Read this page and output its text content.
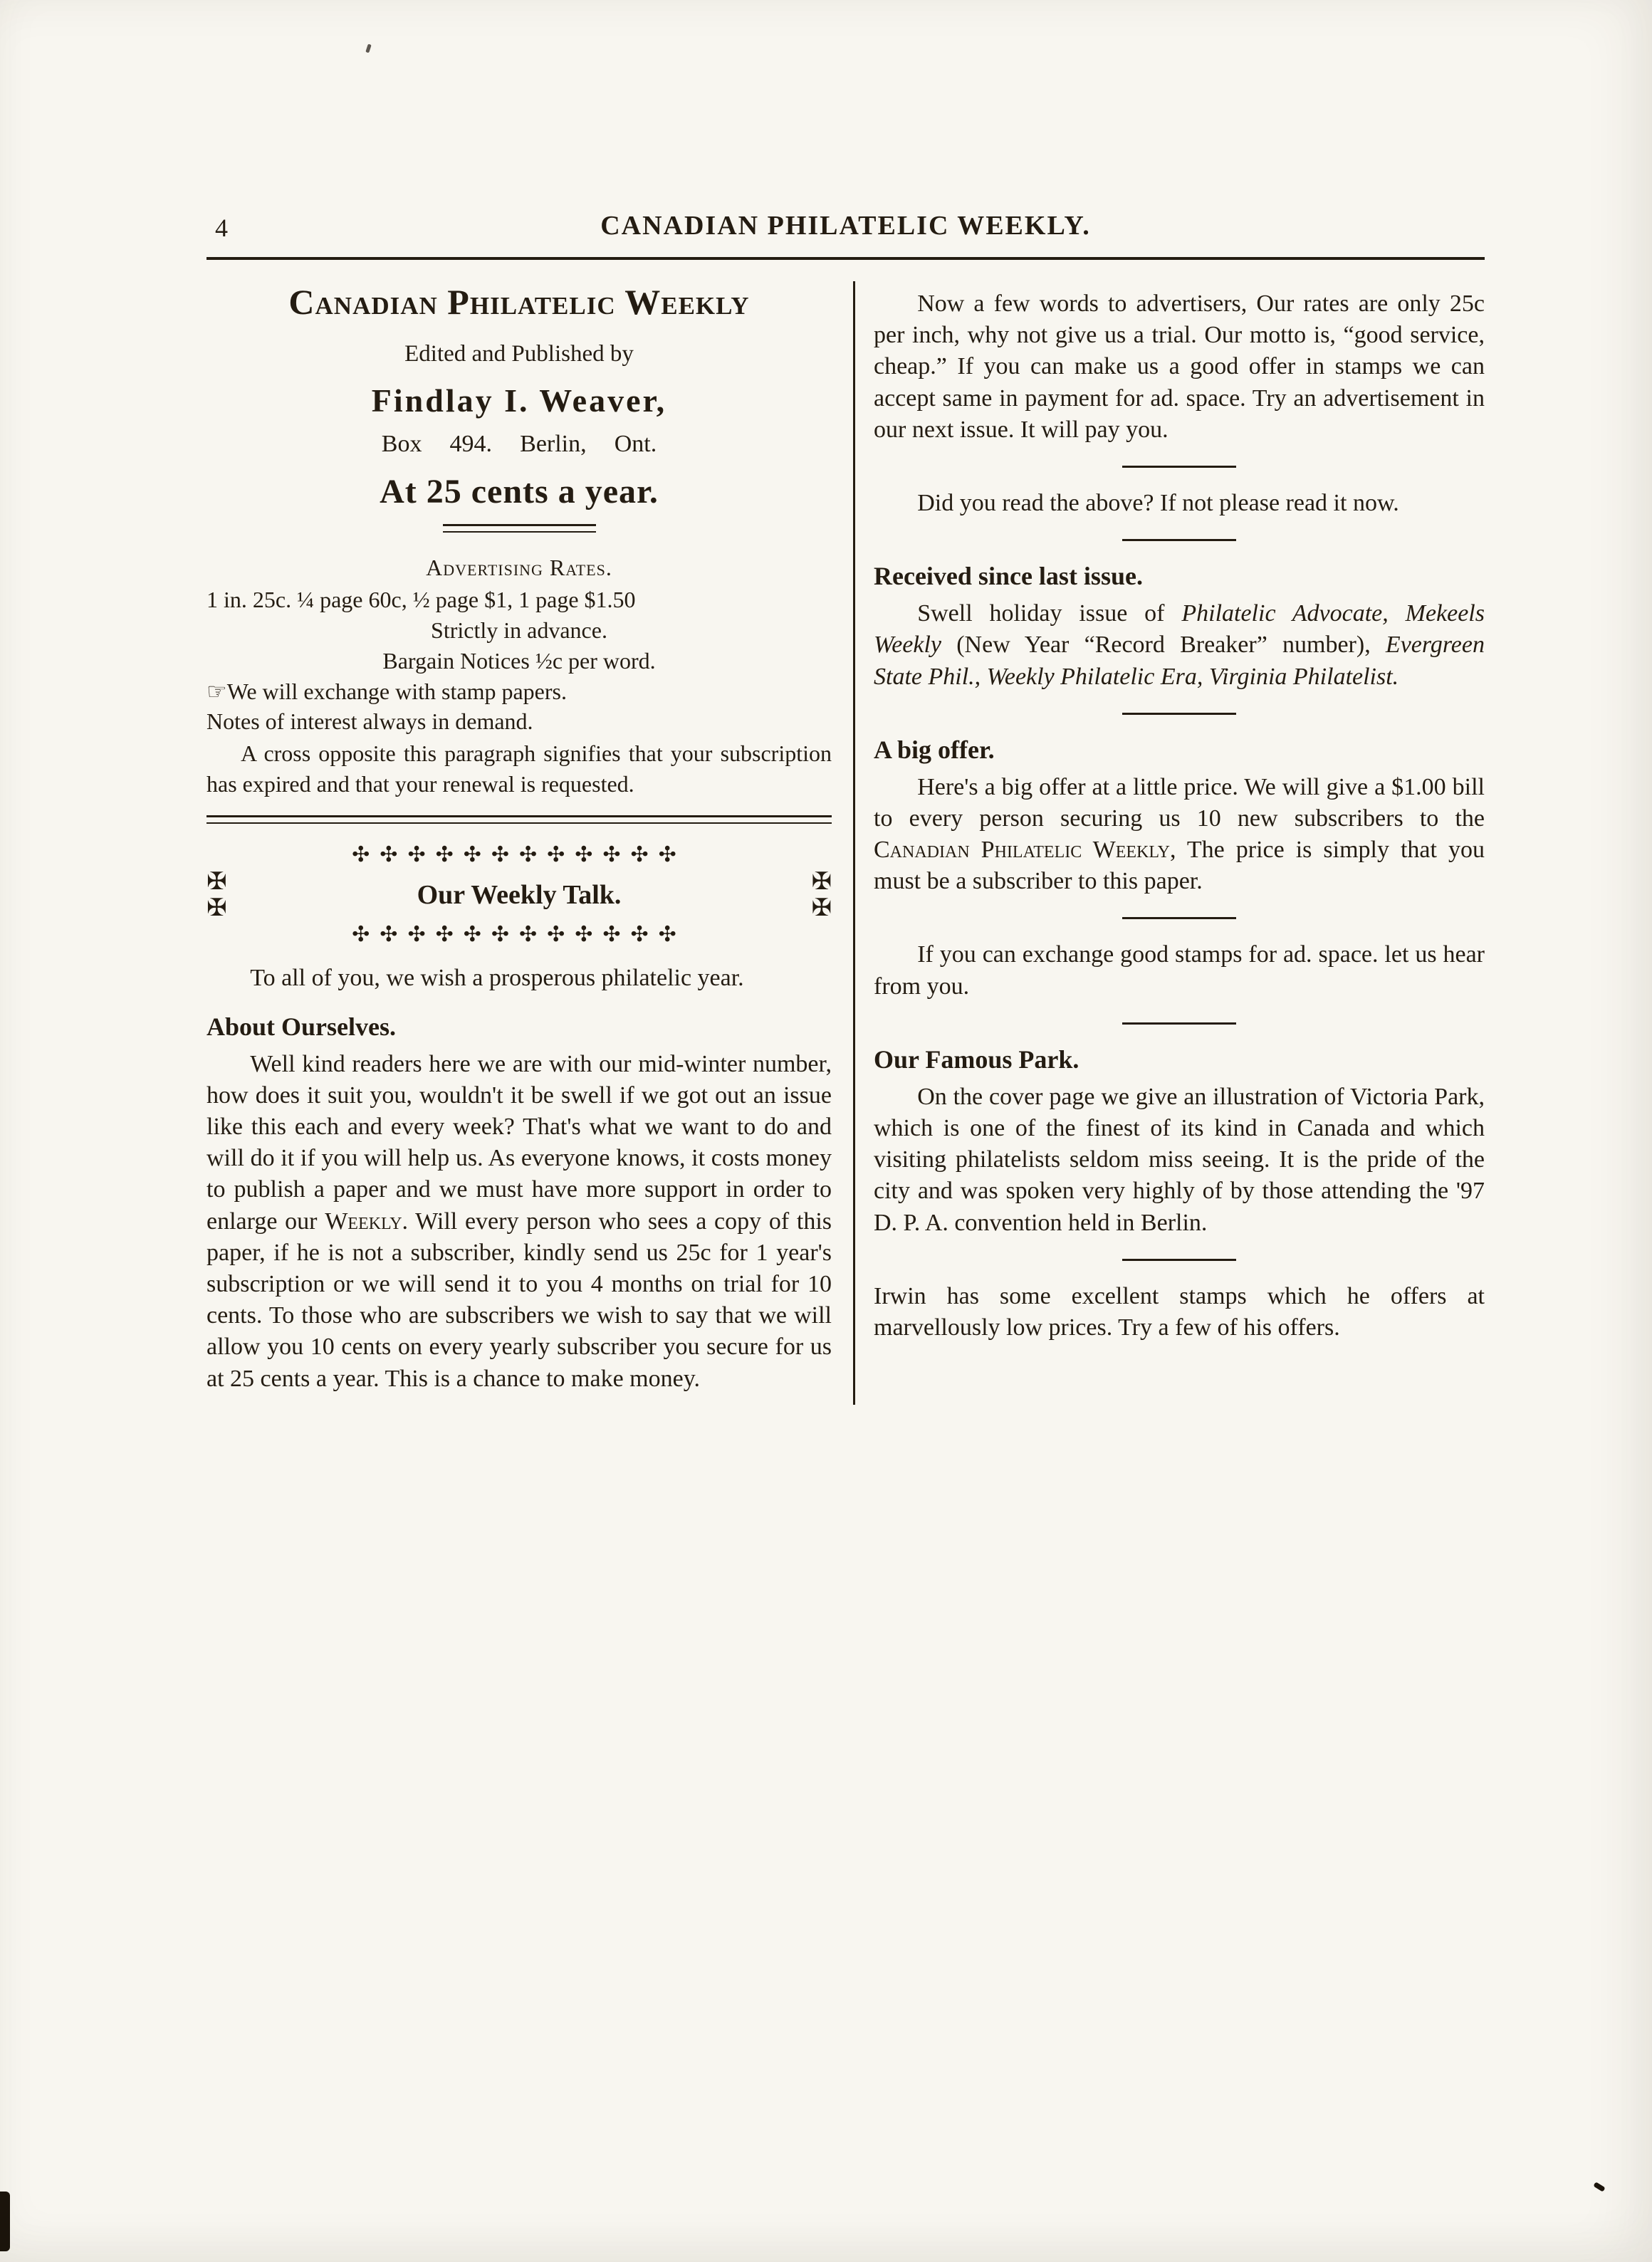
4	CANADIAN PHILATELIC WEEKLY.
Canadian Philatelic Weekly
Edited and Published by
Findlay I. Weaver,
Box 494. Berlin, Ont.
At 25 cents a year.
Advertising Rates.
1 in. 25c. ¼ page 60c, ½ page $1, 1 page $1.50
Strictly in advance.
Bargain Notices ½c per word.
☞We will exchange with stamp papers.
Notes of interest always in demand.

A cross opposite this paragraph signifies that your subscription has expired and that your renewal is requested.

✣✣✣✣✣✣✣✣✣✣✣✣
✠
✠	Our Weekly Talk.	✠
✠
✣✣✣✣✣✣✣✣✣✣✣✣

To all of you, we wish a prosperous philatelic year.

About Ourselves.

Well kind readers here we are with our mid-winter number, how does it suit you, wouldn't it be swell if we got out an issue like this each and every week? That's what we want to do and will do it if you will help us. As everyone knows, it costs money to publish a paper and we must have more support in order to enlarge our Weekly. Will every person who sees a copy of this paper, if he is not a subscriber, kindly send us 25c for 1 year's subscription or we will send it to you 4 months on trial for 10 cents. To those who are subscribers we wish to say that we will allow you 10 cents on every yearly subscriber you secure for us at 25 cents a year. This is a chance to make money.

Now a few words to advertisers, Our rates are only 25c per inch, why not give us a trial. Our motto is, “good service, cheap.” If you can make us a good offer in stamps we can accept same in payment for ad. space. Try an advertisement in our next issue. It will pay you.

Did you read the above? If not please read it now.

Received since last issue.

Swell holiday issue of Philatelic Advocate, Mekeels Weekly (New Year “Record Breaker” number), Evergreen State Phil., Weekly Philatelic Era, Virginia Philatelist.

A big offer.

Here's a big offer at a little price. We will give a $1.00 bill to every person securing us 10 new subscribers to the Canadian Philatelic Weekly, The price is simply that you must be a subscriber to this paper.

If you can exchange good stamps for ad. space. let us hear from you.

Our Famous Park.

On the cover page we give an illustration of Victoria Park, which is one of the finest of its kind in Canada and which visiting philatelists seldom miss seeing. It is the pride of the city and was spoken very highly of by those attending the '97 D. P. A. convention held in Berlin.

Irwin has some excellent stamps which he offers at marvellously low prices. Try a few of his offers.
